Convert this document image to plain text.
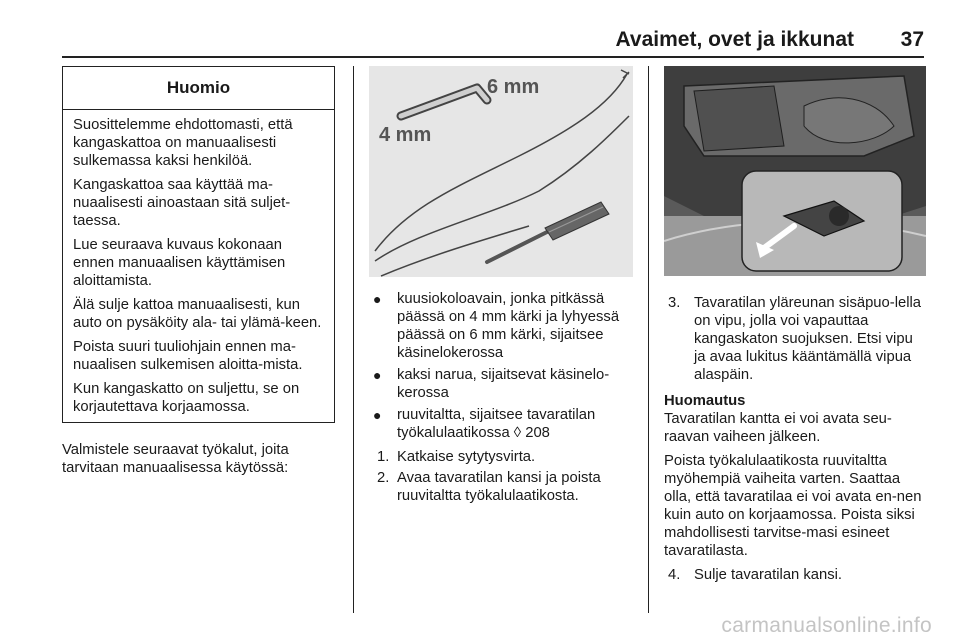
Avaimet, ovet ja ikkunat 37
Huomio

Suosittelemme ehdottomasti, että kangaskattoa on manuaalisesti sulkemassa kaksi henkilöä.

Kangaskattoa saa käyttää ma-nuaalisesti ainoastaan sitä suljet-taessa.

Lue seuraava kuvaus kokonaan ennen manuaalisen käyttämisen aloittamista.

Älä sulje kattoa manuaalisesti, kun auto on pysäköity ala- tai ylämä-keen.

Poista suuri tuuliohjain ennen ma-nuaalisen sulkemisen aloitta-mista.

Kun kangaskatto on suljettu, se on korjautettava korjaamossa.

Valmistele seuraavat työkalut, joita tarvitaan manuaalisessa käytössä:

4 mm
6 mm
● kuusiokoloavain, jonka pitkässä päässä on 4 mm kärki ja lyhyessä päässä on 6 mm kärki, sijaitsee käsinelokerossa
● kaksi narua, sijaitsevat käsinelo-kerossa
● ruuvitaltta, sijaitsee tavaratilan työkalulaatikossa ◊ 208
1. Katkaise sytytysvirta.
2. Avaa tavaratilan kansi ja poista ruuvitaltta työkalulaatikosta.
3. Tavaratilan yläreunan sisäpuo-lella on vipu, jolla voi vapauttaa kangaskaton suojuksen. Etsi vipu ja avaa lukitus kääntämällä vipua alaspäin.
Huomautus

Tavaratilan kantta ei voi avata seu-raavan vaiheen jälkeen.

Poista työkalulaatikosta ruuvitaltta myöhempiä vaiheita varten. Saattaa olla, että tavaratilaa ei voi avata en-nen kuin auto on korjaamossa. Poista siksi mahdollisesti tarvitse-masi esineet tavaratilasta.

4. Sulje tavaratilan kansi.
carmanualsonline.info
